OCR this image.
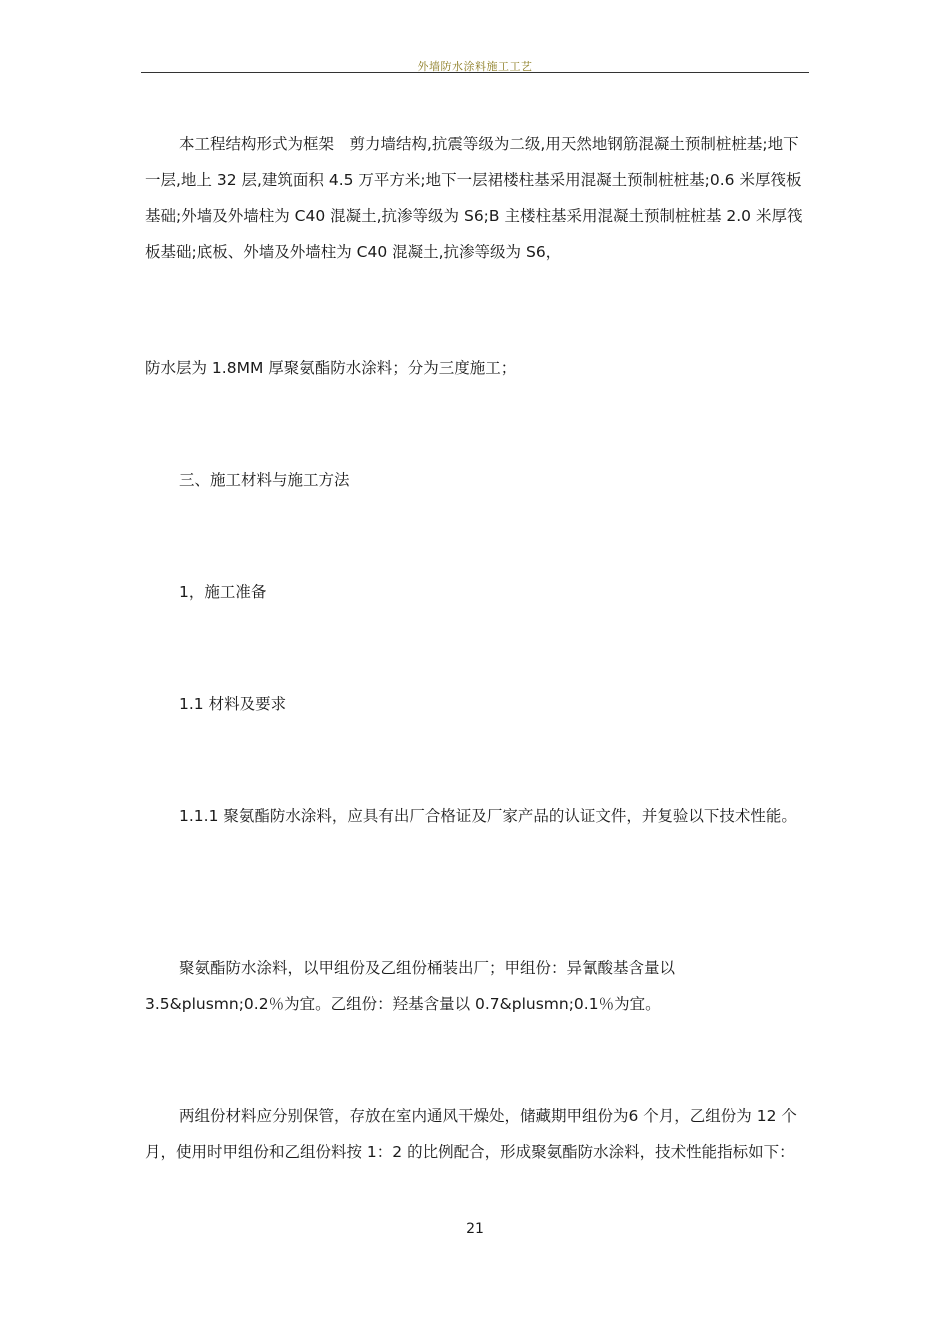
外墙防水涂料施工工艺

本工程结构形式为框架　剪力墙结构,抗震等级为二级,用天然地钢筋混凝土预制桩桩基;地下一层,地上 32 层,建筑面积 4.5 万平方米;地下一层裙楼柱基采用混凝土预制桩桩基;0.6 米厚筏板基础;外墙及外墙柱为 C40 混凝土,抗渗等级为 S6;B 主楼柱基采用混凝土预制桩桩基 2.0 米厚筏板基础;底板、外墙及外墙柱为 C40 混凝土,抗渗等级为 S6，

防水层为 1.8MM 厚聚氨酯防水涂料；分为三度施工；

三、施工材料与施工方法

1，施工准备

1.1 材料及要求

1.1.1 聚氨酯防水涂料，应具有出厂合格证及厂家产品的认证文件，并复验以下技术性能。

聚氨酯防水涂料，以甲组份及乙组份桶装出厂；甲组份：异氰酸基含量以 3.5&plusmn;0.2％为宜。乙组份：羟基含量以 0.7&plusmn;0.1％为宜。

两组份材料应分别保管，存放在室内通风干燥处，储藏期甲组份为6 个月，乙组份为 12 个月，使用时甲组份和乙组份料按 1：2 的比例配合，形成聚氨酯防水涂料，技术性能指标如下：

21
